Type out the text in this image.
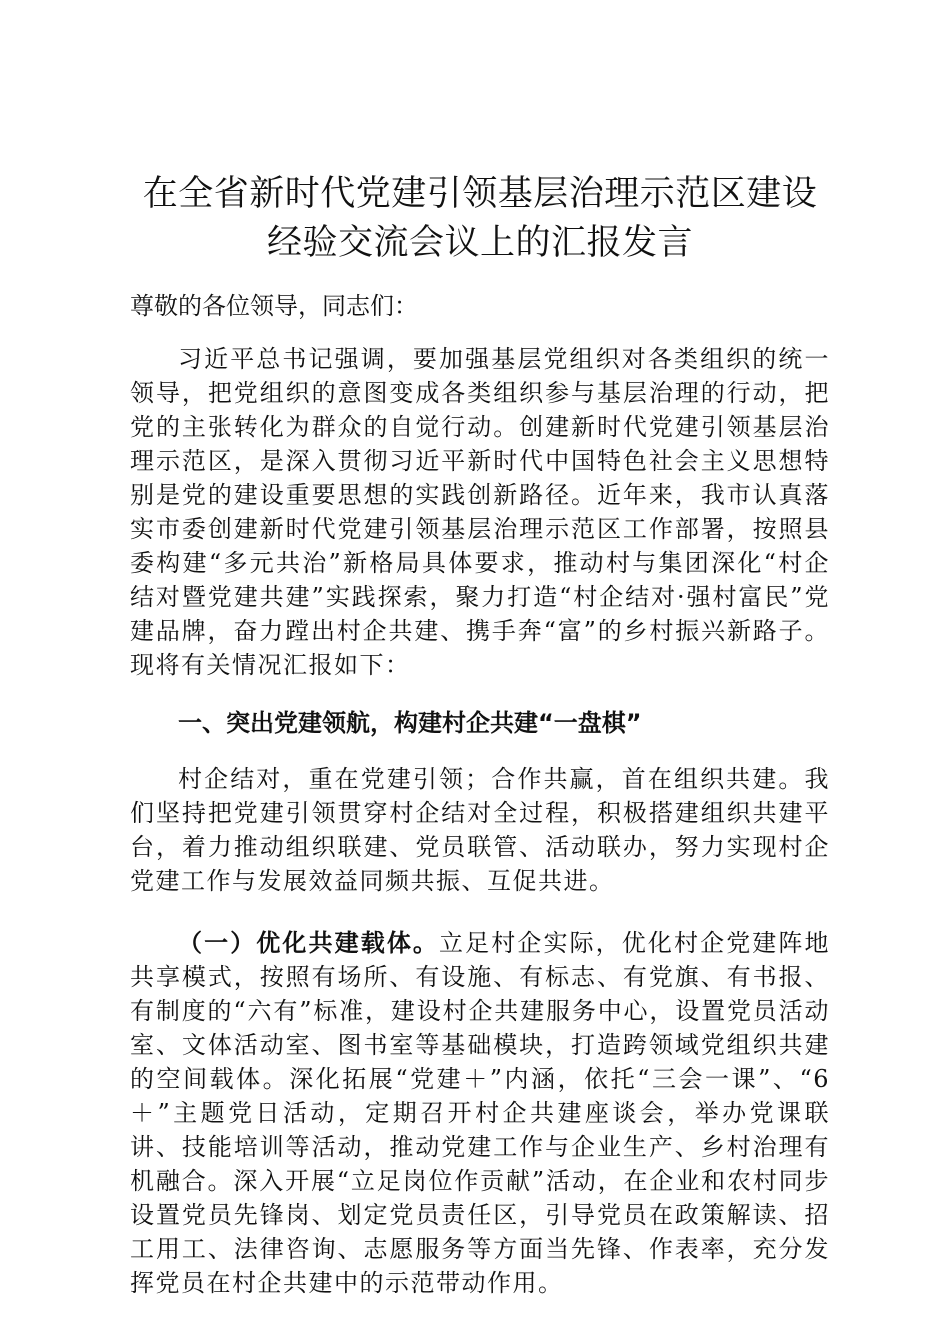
在全省新时代党建引领基层治理示范区建设经验交流会议上的汇报发言

尊敬的各位领导，同志们：

习近平总书记强调，要加强基层党组织对各类组织的统一领导，把党组织的意图变成各类组织参与基层治理的行动，把党的主张转化为群众的自觉行动。创建新时代党建引领基层治理示范区，是深入贯彻习近平新时代中国特色社会主义思想特别是党的建设重要思想的实践创新路径。近年来，我市认真落实市委创建新时代党建引领基层治理示范区工作部署，按照县委构建“多元共治”新格局具体要求，推动村与集团深化“村企结对暨党建共建”实践探索，聚力打造“村企结对·强村富民”党建品牌，奋力蹚出村企共建、携手奔“富”的乡村振兴新路子。现将有关情况汇报如下：

一、突出党建领航，构建村企共建“一盘棋”

村企结对，重在党建引领；合作共赢，首在组织共建。我们坚持把党建引领贯穿村企结对全过程，积极搭建组织共建平台，着力推动组织联建、党员联管、活动联办，努力实现村企党建工作与发展效益同频共振、互促共进。

（一）优化共建载体。立足村企实际，优化村企党建阵地共享模式，按照有场所、有设施、有标志、有党旗、有书报、有制度的“六有”标准，建设村企共建服务中心，设置党员活动室、文体活动室、图书室等基础模块，打造跨领域党组织共建的空间载体。深化拓展“党建＋”内涵，依托“三会一课”、“6＋”主题党日活动，定期召开村企共建座谈会，举办党课联讲、技能培训等活动，推动党建工作与企业生产、乡村治理有机融合。深入开展“立足岗位作贡献”活动，在企业和农村同步设置党员先锋岗、划定党员责任区，引导党员在政策解读、招工用工、法律咨询、志愿服务等方面当先锋、作表率，充分发挥党员在村企共建中的示范带动作用。
